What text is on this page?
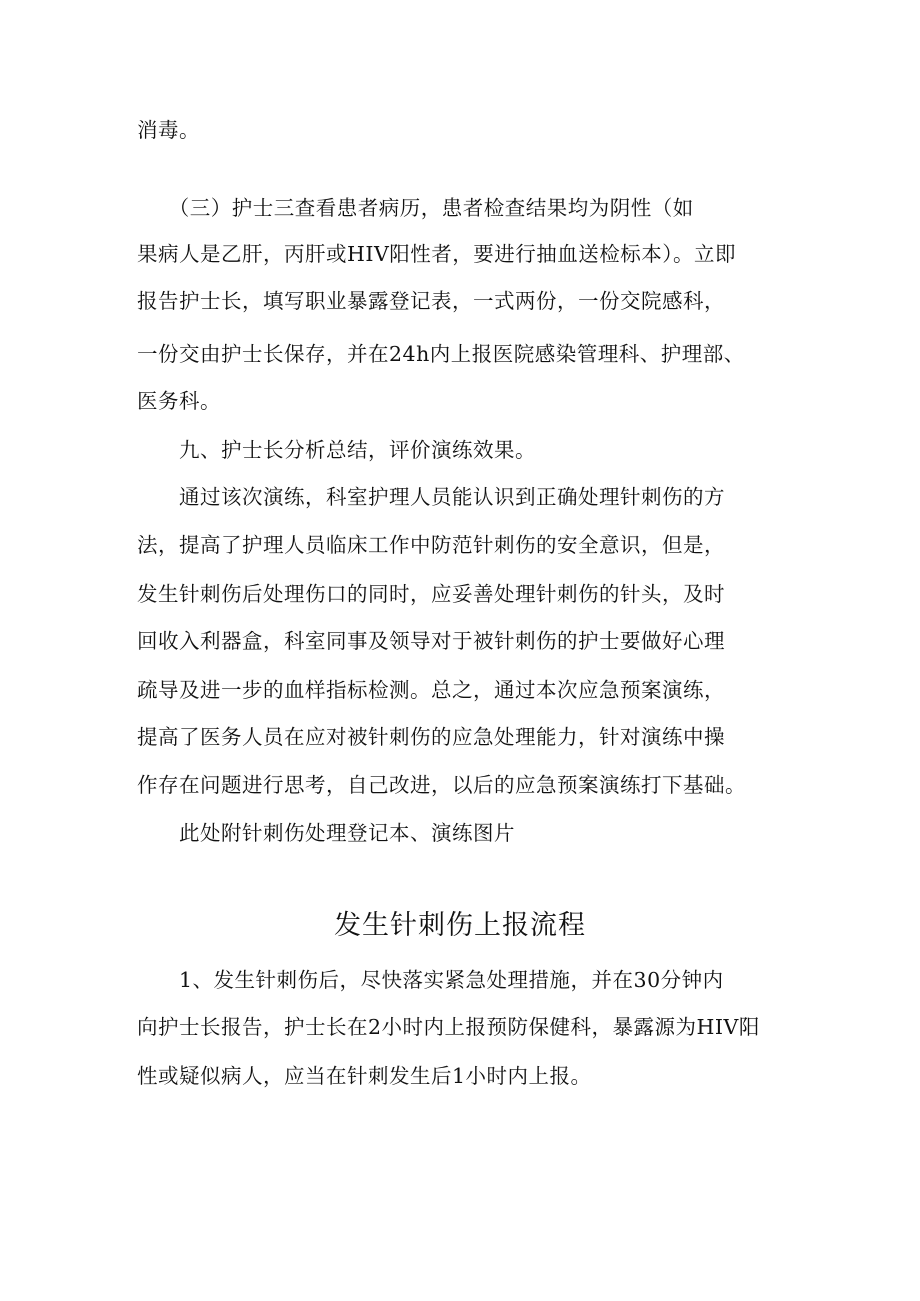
消毒。
　　（三）护士三查看患者病历，患者检查结果均为阴性（如
果病人是乙肝，丙肝或HIV阳性者，要进行抽血送检标本）。立即
报告护士长，填写职业暴露登记表，一式两份，一份交院感科，
一份交由护士长保存，并在24h内上报医院感染管理科、护理部、
医务科。
　　九、护士长分析总结，评价演练效果。
　　通过该次演练，科室护理人员能认识到正确处理针刺伤的方
法，提高了护理人员临床工作中防范针刺伤的安全意识，但是，
发生针刺伤后处理伤口的同时，应妥善处理针刺伤的针头，及时
回收入利器盒，科室同事及领导对于被针刺伤的护士要做好心理
疏导及进一步的血样指标检测。总之，通过本次应急预案演练，
提高了医务人员在应对被针刺伤的应急处理能力，针对演练中操
作存在问题进行思考，自己改进，以后的应急预案演练打下基础。
　　此处附针刺伤处理登记本、演练图片
发生针刺伤上报流程
　　1、发生针刺伤后，尽快落实紧急处理措施，并在30分钟内
向护士长报告，护士长在2小时内上报预防保健科，暴露源为HIV阳
性或疑似病人，应当在针刺发生后1小时内上报。
